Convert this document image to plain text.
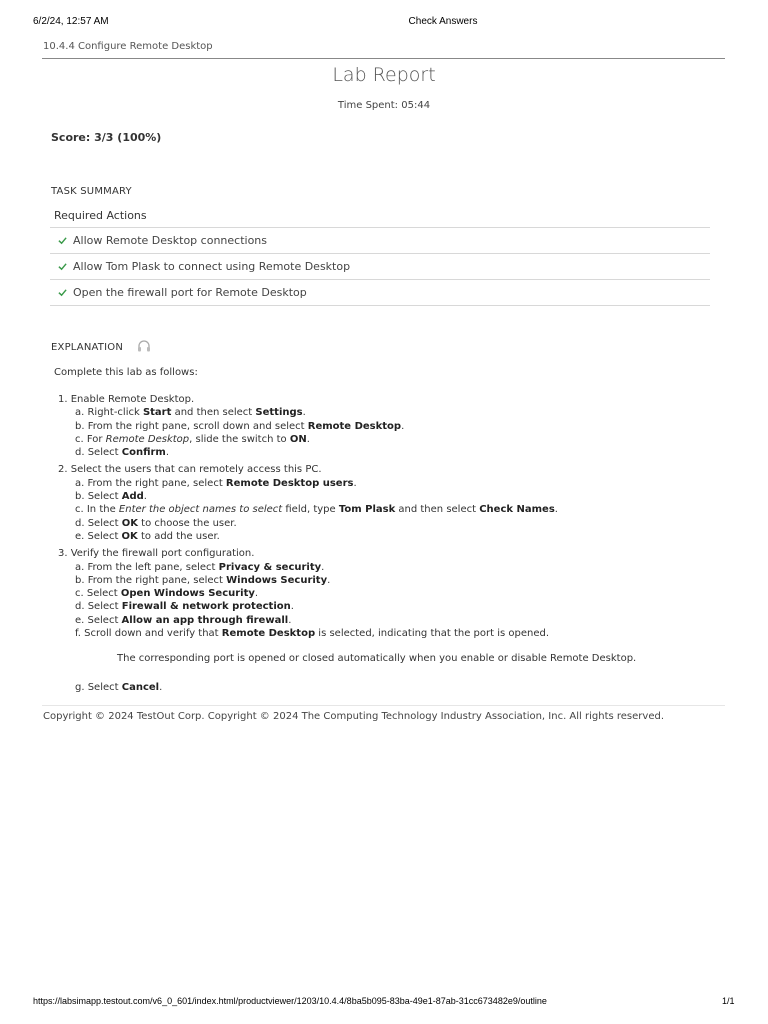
6/2/24, 12:57 AM	Check Answers
10.4.4 Configure Remote Desktop
Lab Report
Time Spent: 05:44
Score: 3/3 (100%)
TASK SUMMARY
Required Actions
Allow Remote Desktop connections
Allow Tom Plask to connect using Remote Desktop
Open the firewall port for Remote Desktop
EXPLANATION
Complete this lab as follows:
1. Enable Remote Desktop.
a. Right-click Start and then select Settings.
b. From the right pane, scroll down and select Remote Desktop.
c. For Remote Desktop, slide the switch to ON.
d. Select Confirm.
2. Select the users that can remotely access this PC.
a. From the right pane, select Remote Desktop users.
b. Select Add.
c. In the Enter the object names to select field, type Tom Plask and then select Check Names.
d. Select OK to choose the user.
e. Select OK to add the user.
3. Verify the firewall port configuration.
a. From the left pane, select Privacy & security.
b. From the right pane, select Windows Security.
c. Select Open Windows Security.
d. Select Firewall & network protection.
e. Select Allow an app through firewall.
f. Scroll down and verify that Remote Desktop is selected, indicating that the port is opened.
The corresponding port is opened or closed automatically when you enable or disable Remote Desktop.
g. Select Cancel.
Copyright © 2024 TestOut Corp. Copyright © 2024 The Computing Technology Industry Association, Inc. All rights reserved.
https://labsimapp.testout.com/v6_0_601/index.html/productviewer/1203/10.4.4/8ba5b095-83ba-49e1-87ab-31cc673482e9/outline	1/1
